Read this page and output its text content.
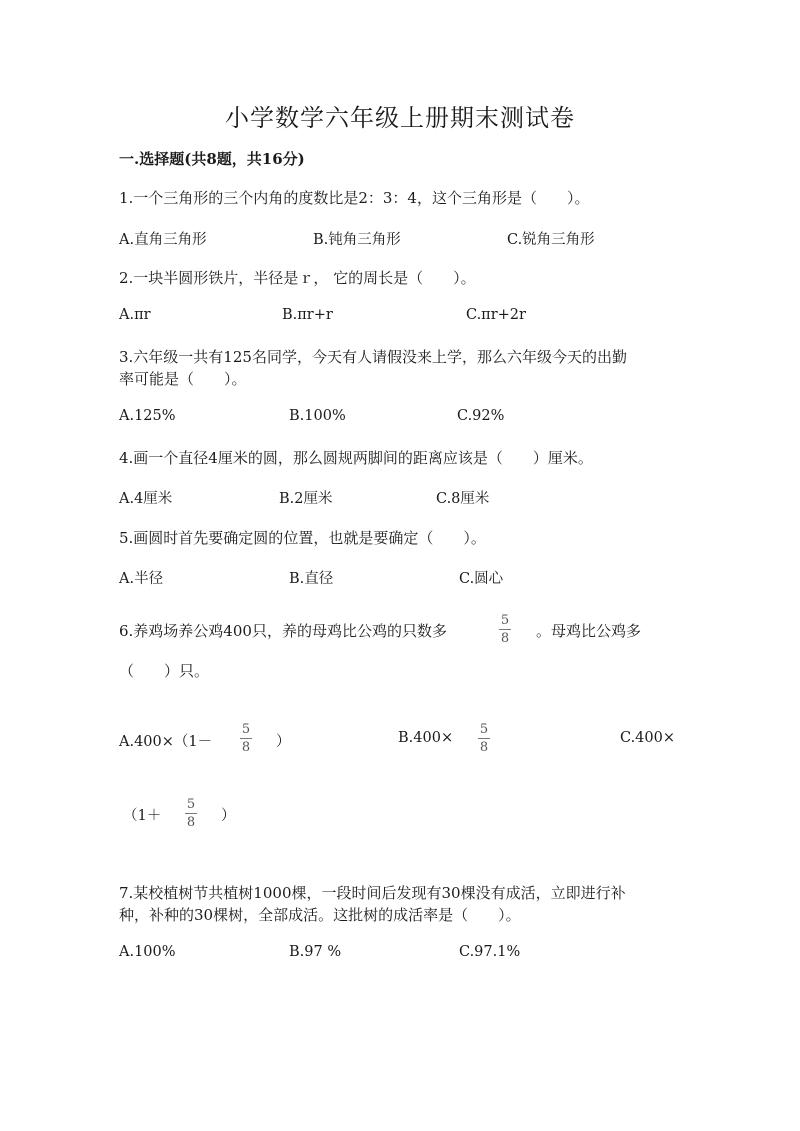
小学数学六年级上册期末测试卷
一.选择题(共8题，共16分)
1.一个三角形的三个内角的度数比是2：3：4，这个三角形是（　　）。
A.直角三角形	B.钝角三角形	C.锐角三角形
2.一块半圆形铁片，半径是ｒ， 它的周长是（　　）。
A.πr	B.πr+r	C.πr+2r
3.六年级一共有125名同学，今天有人请假没来上学，那么六年级今天的出勤
率可能是（　　）。
A.125%	B.100%	C.92%
4.画一个直径4厘米的圆，那么圆规两脚间的距离应该是（　　）厘米。
A.4厘米	B.2厘米	C.8厘米
5.画圆时首先要确定圆的位置，也就是要确定（　　）。
A.半径	B.直径	C.圆心
6.养鸡场养公鸡400只，养的母鸡比公鸡的只数多
5
8 。母鸡比公鸡多
（　　）只。
A.400×（1－
5
8 ）	B.400×
5
8
C.400×
（1＋
5
8 ）
7.某校植树节共植树1000棵，一段时间后发现有30棵没有成活，立即进行补
种，补种的30棵树，全部成活。这批树的成活率是（　　）。
A.100%	B.97 %	C.97.1%
